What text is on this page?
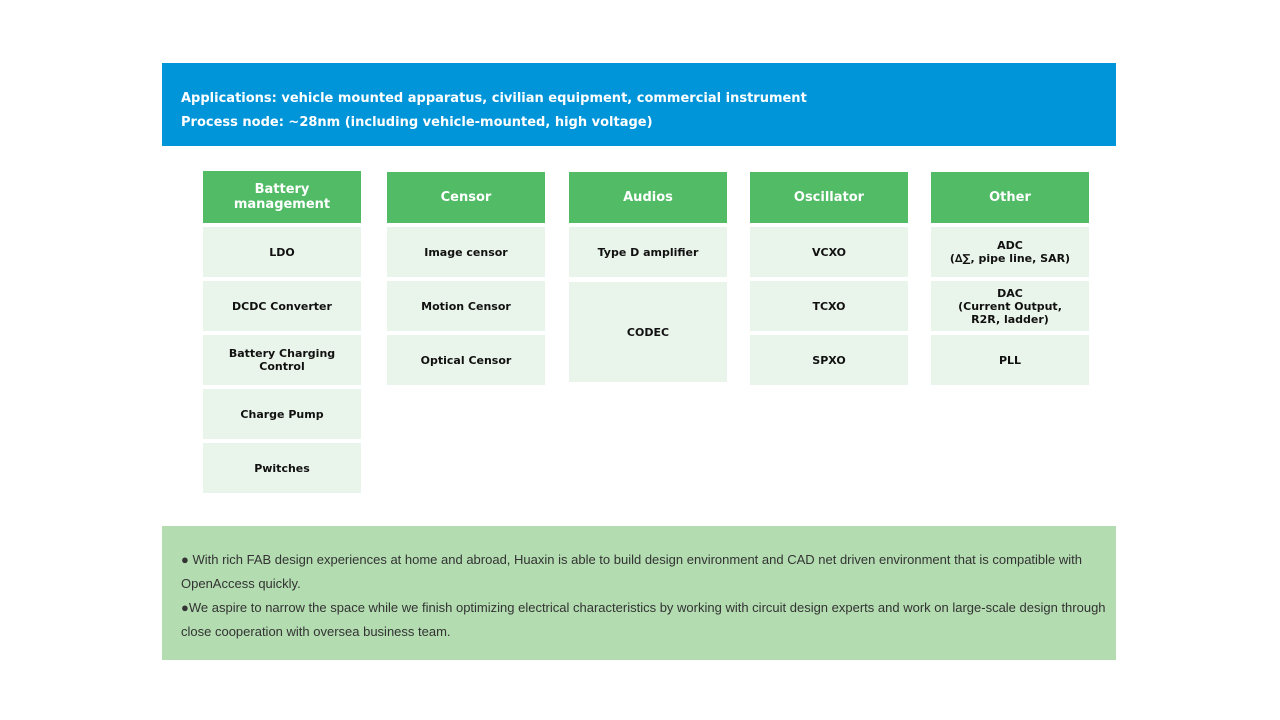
Applications: vehicle mounted apparatus, civilian equipment, commercial instrument
Process node: ~28nm (including vehicle-mounted, high voltage)
Battery management
LDO
DCDC Converter
Battery Charging
Control
Charge Pump
Pwitches
Censor
Image censor
Motion Censor
Optical Censor
Audios
Type D amplifier
CODEC
Oscillator
VCXO
TCXO
SPXO
Other
ADC
(∆∑, pipe line, SAR)
DAC
(Current Output,
R2R, ladder)
PLL

● With rich FAB design experiences at home and abroad, Huaxin is able to build design environment and CAD net driven environment that is compatible with OpenAccess quickly.

●We aspire to narrow the space while we finish optimizing electrical characteristics by working with circuit design experts and work on large-scale design through close cooperation with oversea business team.
